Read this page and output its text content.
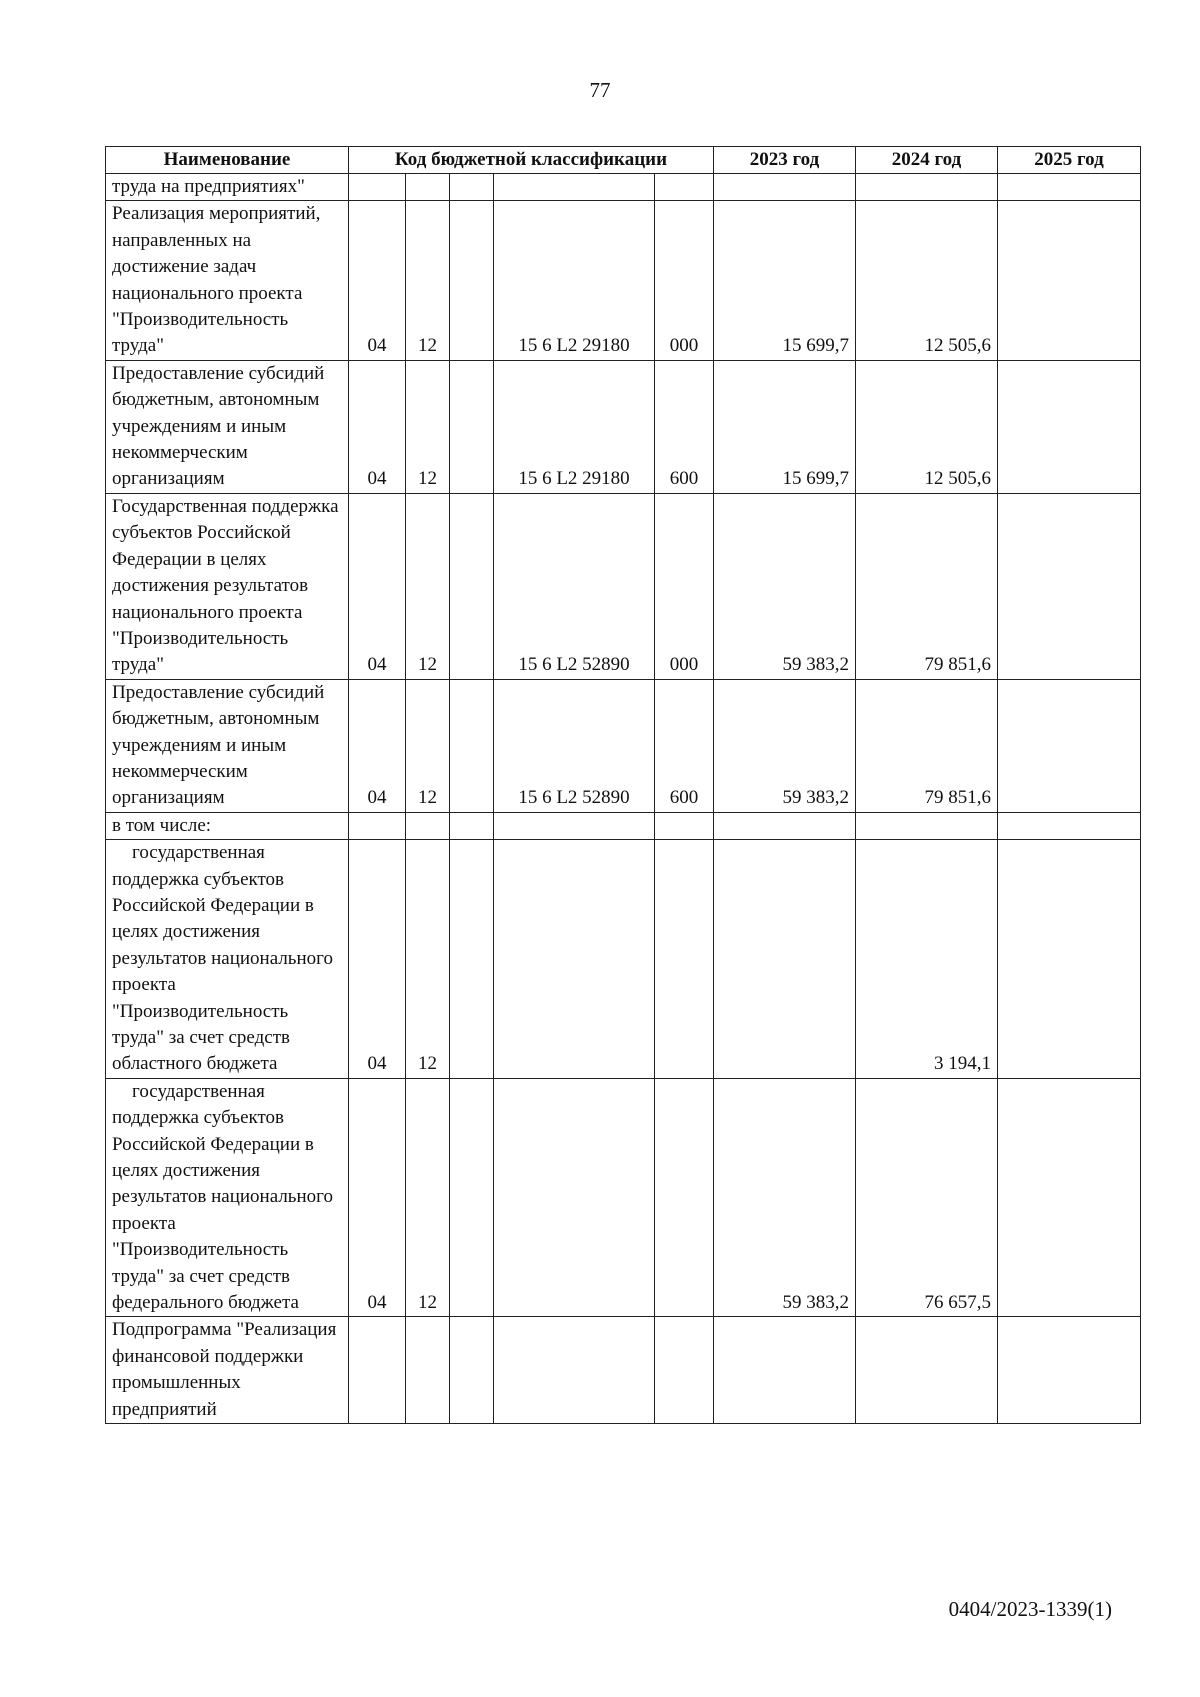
77
Наименование	Код бюджетной классификации					2023 год	2024 год	2025 год
труда на предприятиях"								
Реализация мероприятий, направленных на достижение задач национального проекта "Производительность труда"	04	12		15 6 L2 29180	000	15 699,7	12 505,6	
Предоставление субсидий бюджетным, автономным учреждениям и иным некоммерческим организациям	04	12		15 6 L2 29180	600	15 699,7	12 505,6	
Государственная поддержка субъектов Российской Федерации в целях достижения результатов национального проекта "Производительность труда"	04	12		15 6 L2 52890	000	59 383,2	79 851,6	
Предоставление субсидий бюджетным, автономным учреждениям и иным некоммерческим организациям	04	12		15 6 L2 52890	600	59 383,2	79 851,6	
в том числе:								
государственная поддержка субъектов Российской Федерации в целях достижения результатов национального проекта "Производительность труда" за счет средств областного бюджета	04	12					3 194,1	
государственная поддержка субъектов Российской Федерации в целях достижения результатов национального проекта "Производительность труда" за счет средств федерального бюджета	04	12				59 383,2	76 657,5	
Подпрограмма "Реализация финансовой поддержки промышленных предприятий								
0404/2023-1339(1)
